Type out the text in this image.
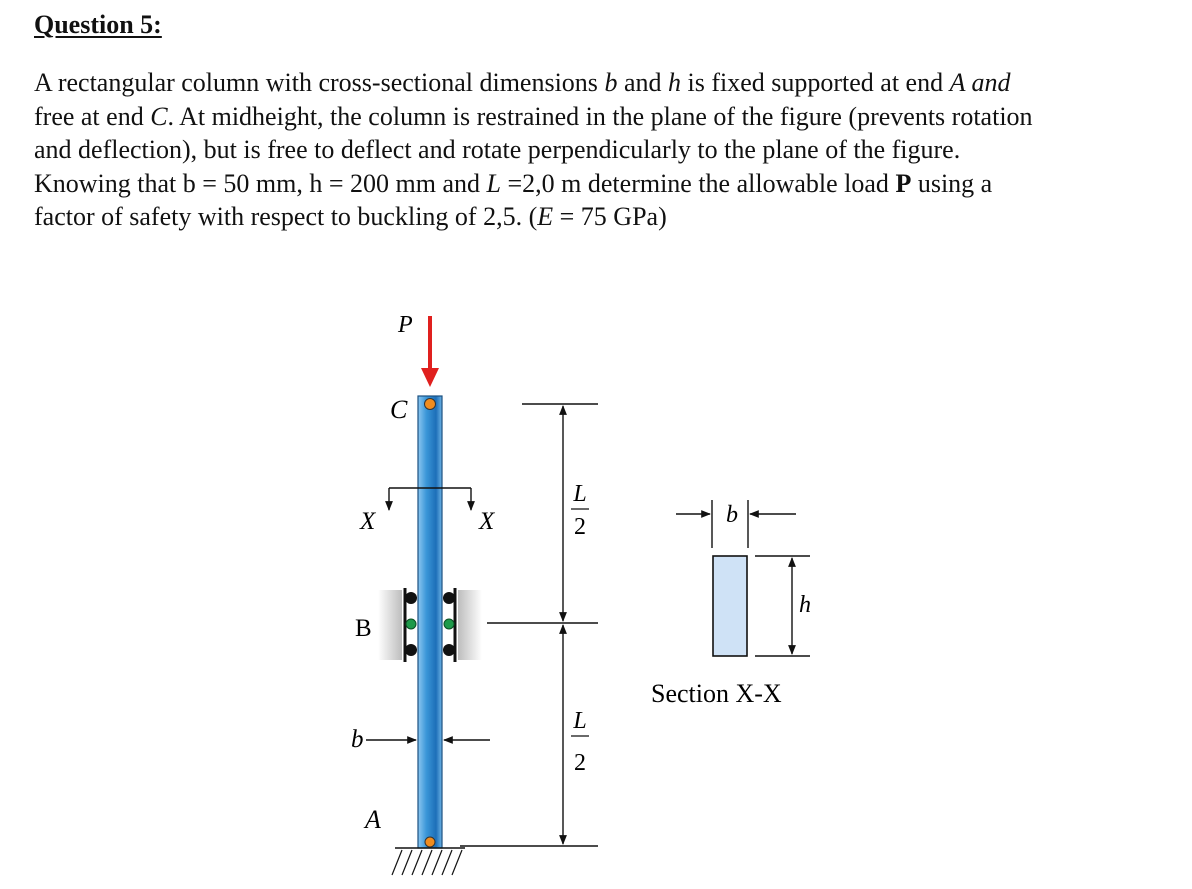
Question 5:
A rectangular column with cross-sectional dimensions b and h is fixed supported at end A and
free at end C. At midheight, the column is restrained in the plane of the figure (prevents rotation
and deflection), but is free to deflect and rotate perpendicularly to the plane of the figure.
Knowing that b = 50 mm, h = 200 mm and L =2,0 m determine the allowable load P using a
factor of safety with respect to buckling of 2,5. (E = 75 GPa)
P
C
X	X
B
b
A
L
2
L
2
b
h
Section X-X
